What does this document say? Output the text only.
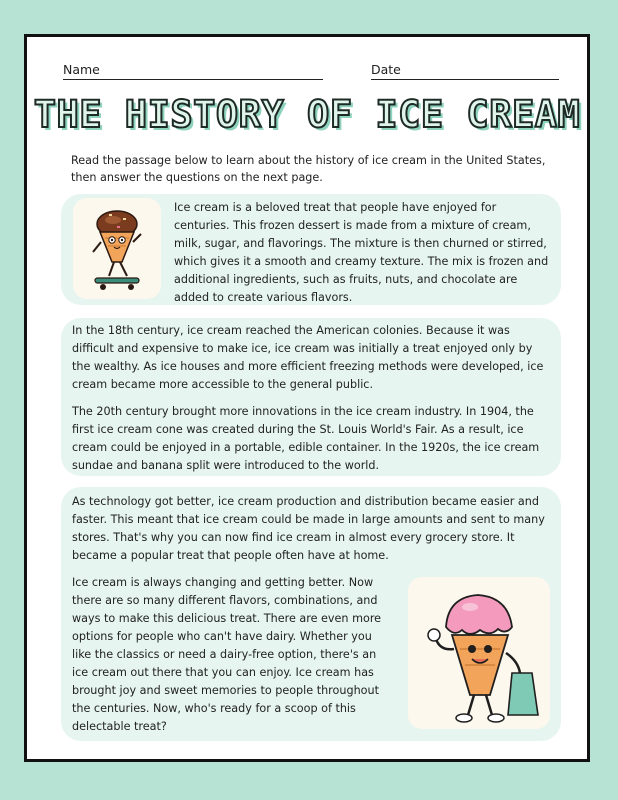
Name	Date
THE HISTORY OF ICE CREAM
Read the passage below to learn about the history of ice cream in the United States, then answer the questions on the next page.
Ice cream is a beloved treat that people have enjoyed for centuries. This frozen dessert is made from a mixture of cream, milk, sugar, and flavorings. The mixture is then churned or stirred, which gives it a smooth and creamy texture. The mix is frozen and additional ingredients, such as fruits, nuts, and chocolate are added to create various flavors.

In the 18th century, ice cream reached the American colonies. Because it was difficult and expensive to make ice, ice cream was initially a treat enjoyed only by the wealthy. As ice houses and more efficient freezing methods were developed, ice cream became more accessible to the general public.

The 20th century brought more innovations in the ice cream industry. In 1904, the first ice cream cone was created during the St. Louis World's Fair. As a result, ice cream could be enjoyed in a portable, edible container. In the 1920s, the ice cream sundae and banana split were introduced to the world.

As technology got better, ice cream production and distribution became easier and faster. This meant that ice cream could be made in large amounts and sent to many stores. That's why you can now find ice cream in almost every grocery store. It became a popular treat that people often have at home.

Ice cream is always changing and getting better. Now there are so many different flavors, combinations, and ways to make this delicious treat. There are even more options for people who can't have dairy. Whether you like the classics or need a dairy-free option, there's an ice cream out there that you can enjoy. Ice cream has brought joy and sweet memories to people throughout the centuries. Now, who's ready for a scoop of this delectable treat?
